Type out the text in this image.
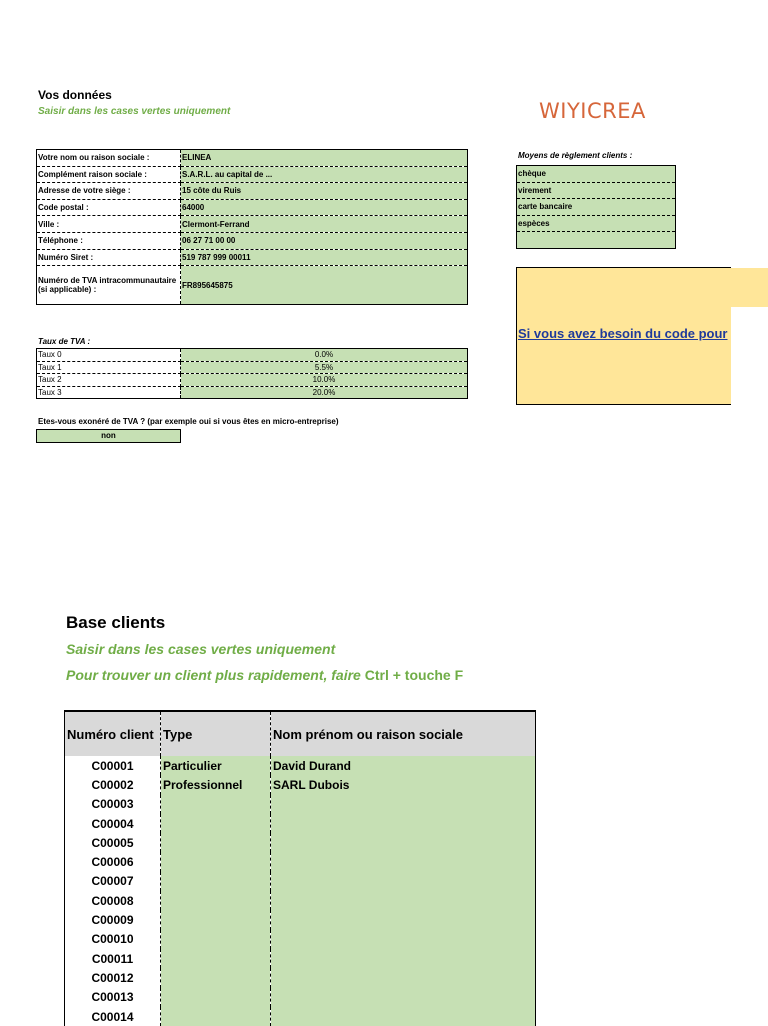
Vos données
Saisir dans les cases vertes uniquement
Votre nom ou raison sociale :	ELINEA
Complément raison sociale :	S.A.R.L. au capital de ...
Adresse de votre siège :	15 côte du Ruis
Code postal :	64000
Ville :	Clermont-Ferrand
Téléphone :	06 27 71 00 00
Numéro Siret :	519 787 999 00011
Numéro de TVA intracommunautaire (si applicable) :	FR895645875
WIYICREA
Moyens de règlement clients :
chèque
virement
carte bancaire
espèces

Si vous avez besoin du code pour
Taux de TVA :
Taux 0	0.0%
Taux 1	5.5%
Taux 2	10.0%
Taux 3	20.0%
Etes-vous exonéré de TVA ? (par exemple oui si vous êtes en micro-entreprise)
non
Base clients
Saisir dans les cases vertes uniquement
Pour trouver un client plus rapidement, faire Ctrl + touche F
Numéro client	Type	Nom prénom ou raison sociale
C00001	Particulier	David Durand
C00002	Professionnel	SARL Dubois
C00003		
C00004		
C00005		
C00006		
C00007		
C00008		
C00009		
C00010		
C00011		
C00012		
C00013		
C00014		
